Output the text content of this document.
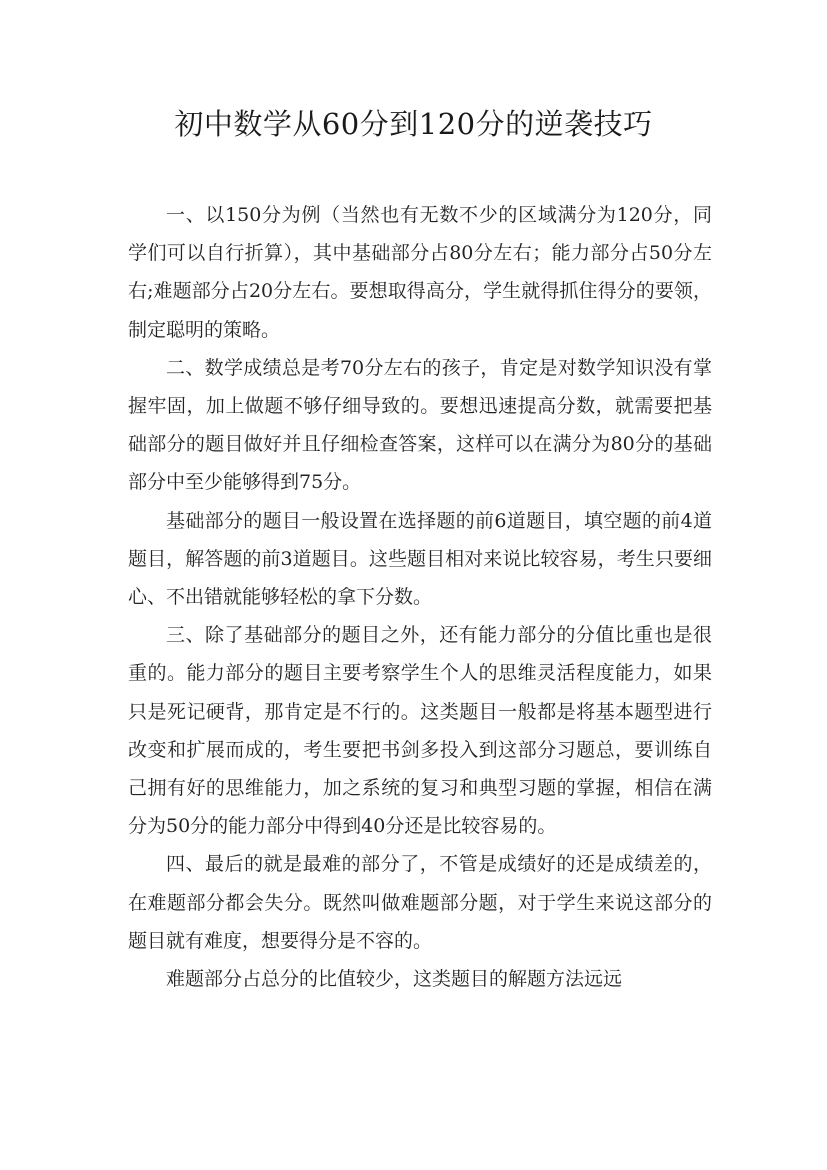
初中数学从60分到120分的逆袭技巧

一、以150分为例（当然也有无数不少的区域满分为120分，同学们可以自行折算），其中基础部分占80分左右；能力部分占50分左右;难题部分占20分左右。要想取得高分，学生就得抓住得分的要领，制定聪明的策略。

二、数学成绩总是考70分左右的孩子，肯定是对数学知识没有掌握牢固，加上做题不够仔细导致的。要想迅速提高分数，就需要把基础部分的题目做好并且仔细检查答案，这样可以在满分为80分的基础部分中至少能够得到75分。

基础部分的题目一般设置在选择题的前6道题目，填空题的前4道题目，解答题的前3道题目。这些题目相对来说比较容易，考生只要细心、不出错就能够轻松的拿下分数。

三、除了基础部分的题目之外，还有能力部分的分值比重也是很重的。能力部分的题目主要考察学生个人的思维灵活程度能力，如果只是死记硬背，那肯定是不行的。这类题目一般都是将基本题型进行改变和扩展而成的，考生要把书剑多投入到这部分习题总，要训练自己拥有好的思维能力，加之系统的复习和典型习题的掌握，相信在满分为50分的能力部分中得到40分还是比较容易的。

四、最后的就是最难的部分了，不管是成绩好的还是成绩差的，在难题部分都会失分。既然叫做难题部分题，对于学生来说这部分的题目就有难度，想要得分是不容的。

难题部分占总分的比值较少，这类题目的解题方法远远
